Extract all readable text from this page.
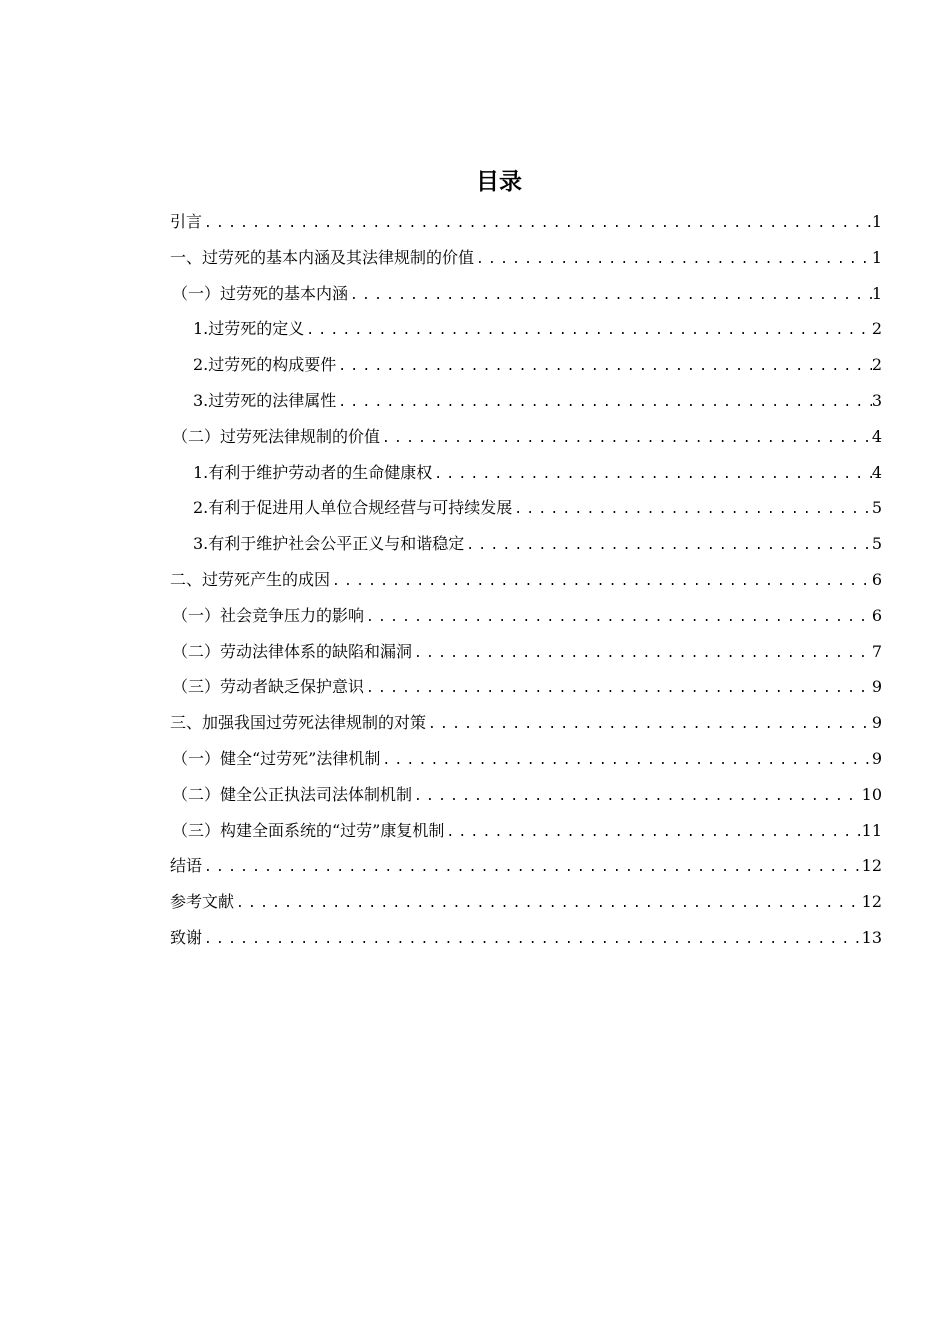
目录
引言 .....	1
一、过劳死的基本内涵及其法律规制的价值 .....	1
（一）过劳死的基本内涵 .....	1
1.过劳死的定义 .....	2
2.过劳死的构成要件 .....	2
3.过劳死的法律属性 .....	3
（二）过劳死法律规制的价值 .....	4
1.有利于维护劳动者的生命健康权 .....	4
2.有利于促进用人单位合规经营与可持续发展 .....	5
3.有利于维护社会公平正义与和谐稳定 .....	5
二、过劳死产生的成因 .....	6
（一）社会竞争压力的影响 .....	6
（二）劳动法律体系的缺陷和漏洞 .....	7
（三）劳动者缺乏保护意识 .....	9
三、加强我国过劳死法律规制的对策 .....	9
（一）健全“过劳死”法律机制 .....	9
（二）健全公正执法司法体制机制 .....	10
（三）构建全面系统的“过劳”康复机制 .....	11
结语 .....	12
参考文献 .....	12
致谢 .....	13
